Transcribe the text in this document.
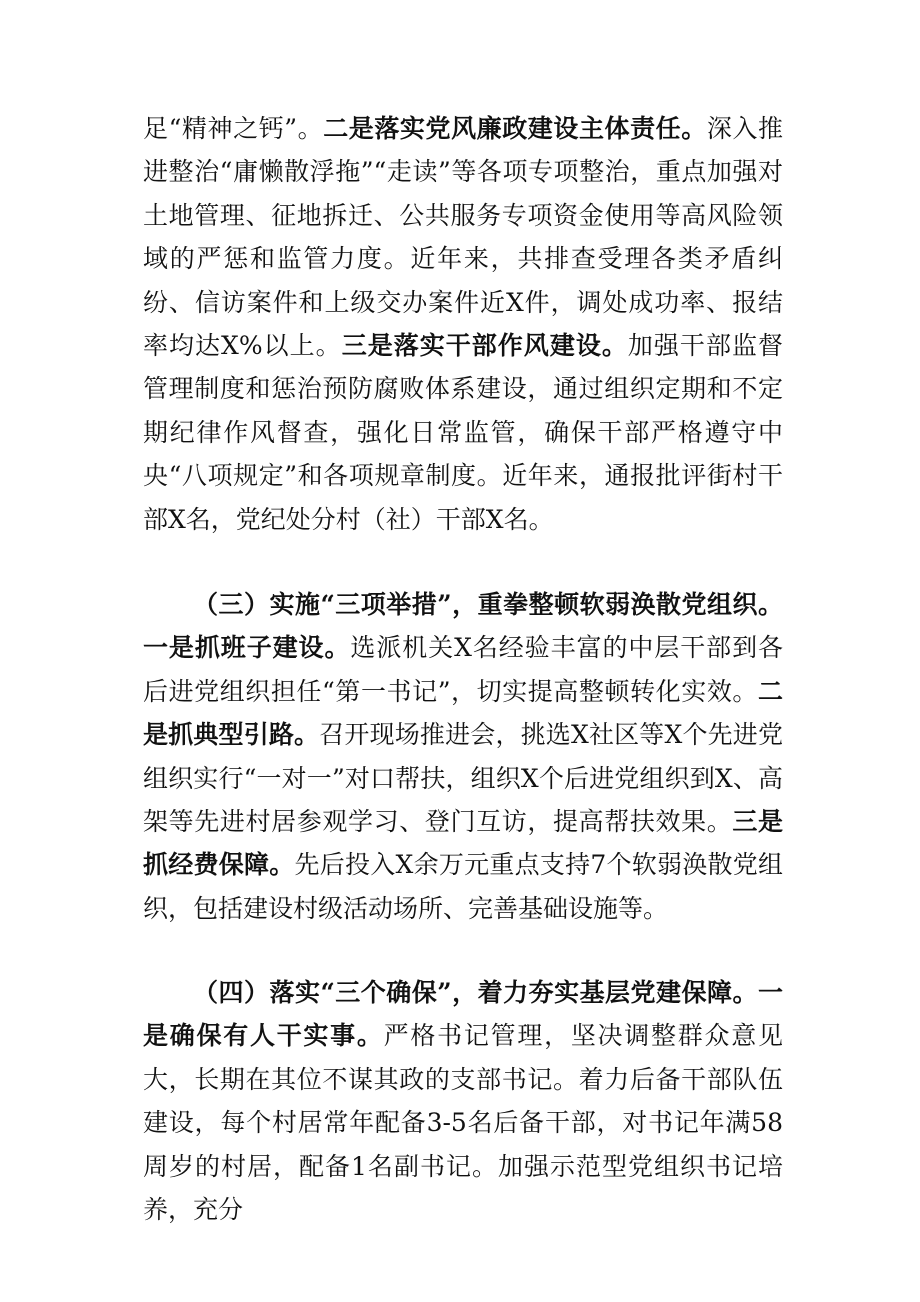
足“精神之钙”。二是落实党风廉政建设主体责任。深入推进整治“庸懒散浮拖”“走读”等各项专项整治，重点加强对土地管理、征地拆迁、公共服务专项资金使用等高风险领域的严惩和监管力度。近年来，共排查受理各类矛盾纠纷、信访案件和上级交办案件近X件，调处成功率、报结率均达X%以上。三是落实干部作风建设。加强干部监督管理制度和惩治预防腐败体系建设，通过组织定期和不定期纪律作风督查，强化日常监管，确保干部严格遵守中央“八项规定”和各项规章制度。近年来，通报批评街村干部X名，党纪处分村（社）干部X名。

（三）实施“三项举措”，重拳整顿软弱涣散党组织。一是抓班子建设。选派机关X名经验丰富的中层干部到各后进党组织担任“第一书记”，切实提高整顿转化实效。二是抓典型引路。召开现场推进会，挑选X社区等X个先进党组织实行“一对一”对口帮扶，组织X个后进党组织到X、高架等先进村居参观学习、登门互访，提高帮扶效果。三是抓经费保障。先后投入X余万元重点支持7个软弱涣散党组织，包括建设村级活动场所、完善基础设施等。

（四）落实“三个确保”，着力夯实基层党建保障。一是确保有人干实事。严格书记管理，坚决调整群众意见大，长期在其位不谋其政的支部书记。着力后备干部队伍建设，每个村居常年配备3-5名后备干部，对书记年满58周岁的村居，配备1名副书记。加强示范型党组织书记培养，充分
